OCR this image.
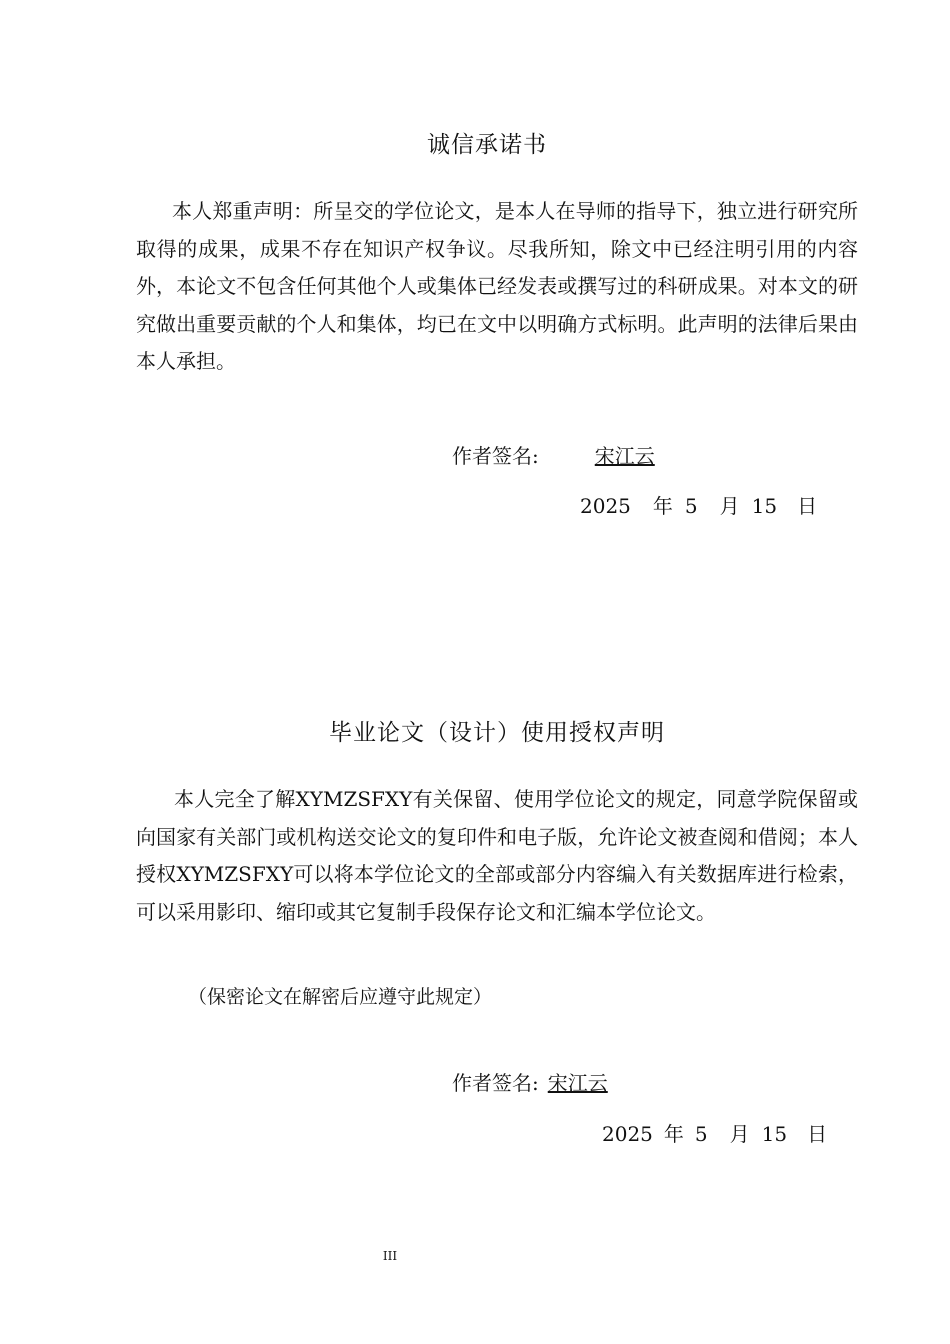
诚信承诺书

本人郑重声明：所呈交的学位论文，是本人在导师的指导下，独立进行研究所取得的成果，成果不存在知识产权争议。尽我所知，除文中已经注明引用的内容外，本论文不包含任何其他个人或集体已经发表或撰写过的科研成果。对本文的研究做出重要贡献的个人和集体，均已在文中以明确方式标明。此声明的法律后果由本人承担。

作者签名:	宋江云
2025 年 5 月 15 日
毕业论文（设计）使用授权声明

本人完全了解XYMZSFXY有关保留、使用学位论文的规定，同意学院保留或向国家有关部门或机构送交论文的复印件和电子版，允许论文被查阅和借阅；本人授权XYMZSFXY可以将本学位论文的全部或部分内容编入有关数据库进行检索，可以采用影印、缩印或其它复制手段保存论文和汇编本学位论文。

（保密论文在解密后应遵守此规定）

作者签名: 宋江云
2025 年 5 月 15 日
III
